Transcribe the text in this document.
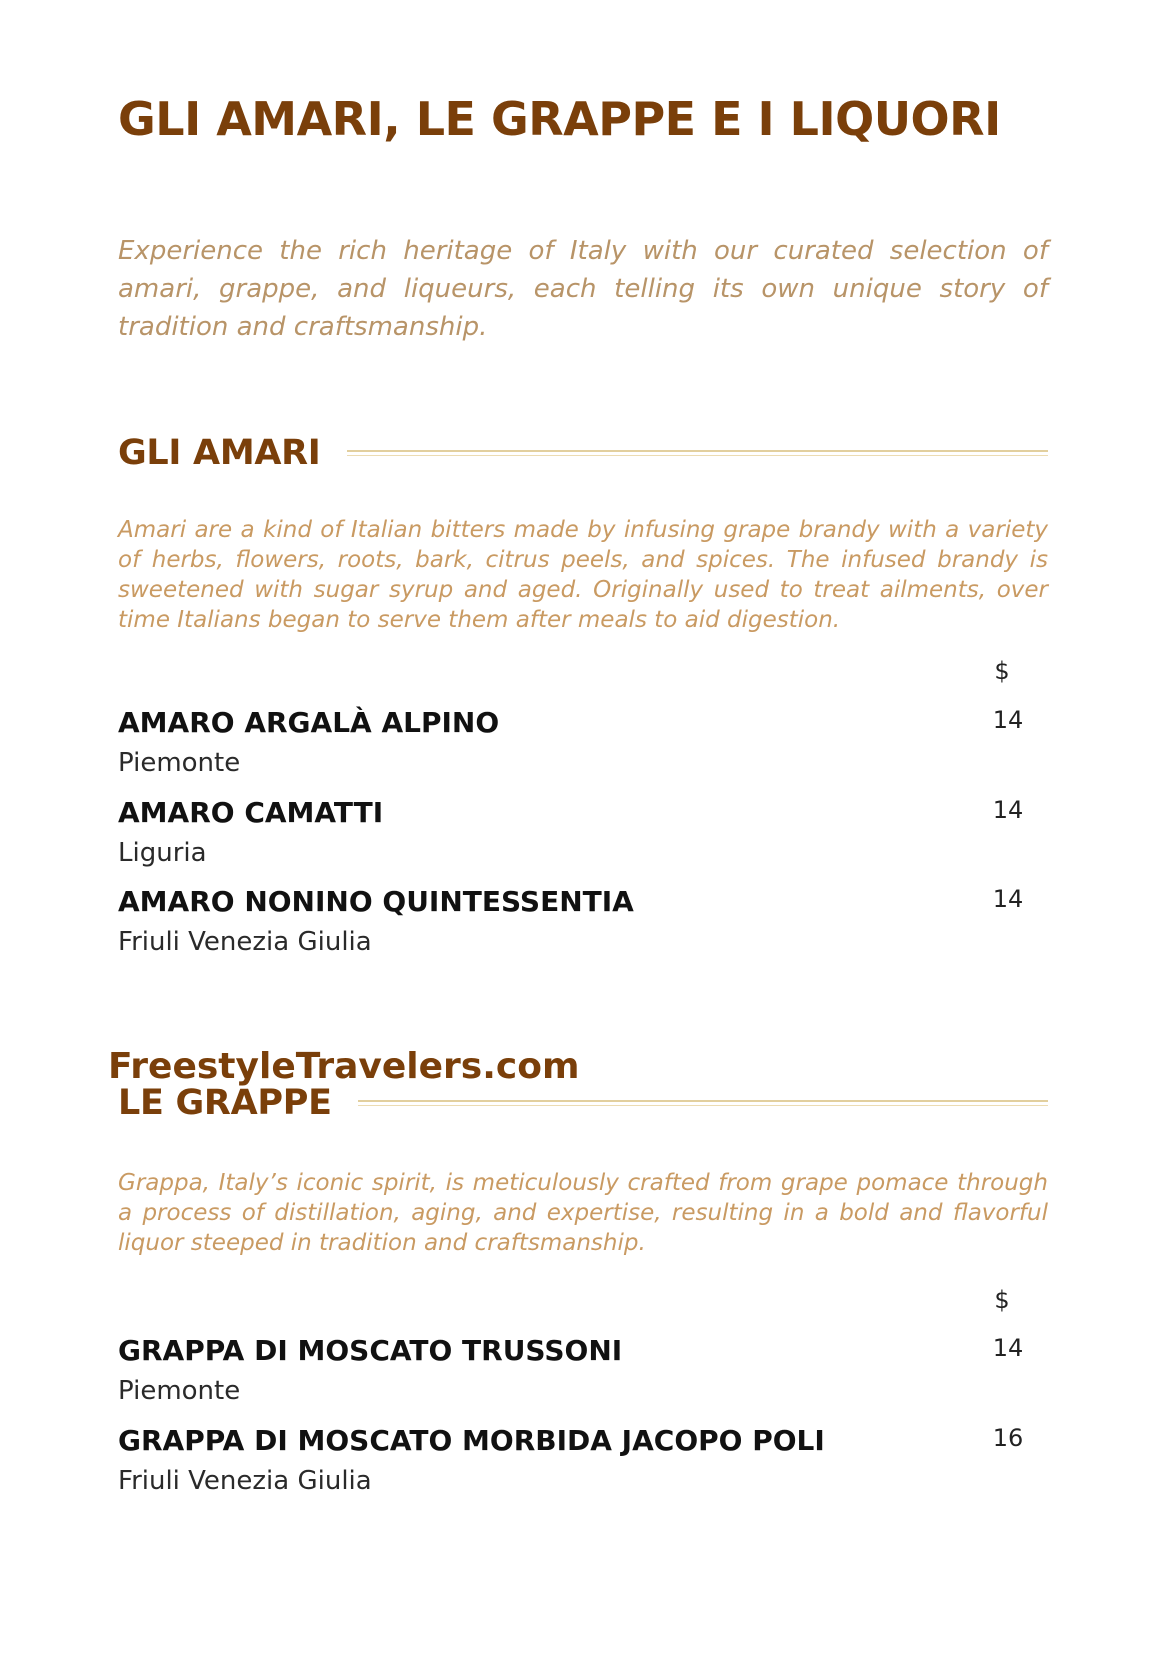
GLI AMARI, LE GRAPPE E I LIQUORI

Experience the rich heritage of Italy with our curated selection of amari, grappe, and liqueurs, each telling its own unique story of tradition and craftsmanship.

GLI AMARI

Amari are a kind of Italian bitters made by infusing grape brandy with a variety of herbs, flowers, roots, bark, citrus peels, and spices. The infused brandy is sweetened with sugar syrup and aged. Originally used to treat ailments, over time Italians began to serve them after meals to aid digestion.

$

AMARO ARGALÀ ALPINO

Piemonte

14

AMARO CAMATTI

Liguria

14

AMARO NONINO QUINTESSENTIA

Friuli Venezia Giulia

14

FreestyleTravelers.com

LE GRAPPE

Grappa, Italy’s iconic spirit, is meticulously crafted from grape pomace through a process of distillation, aging, and expertise, resulting in a bold and flavorful liquor steeped in tradition and craftsmanship.

$

GRAPPA DI MOSCATO TRUSSONI

Piemonte

14

GRAPPA DI MOSCATO MORBIDA JACOPO POLI

Friuli Venezia Giulia

16
